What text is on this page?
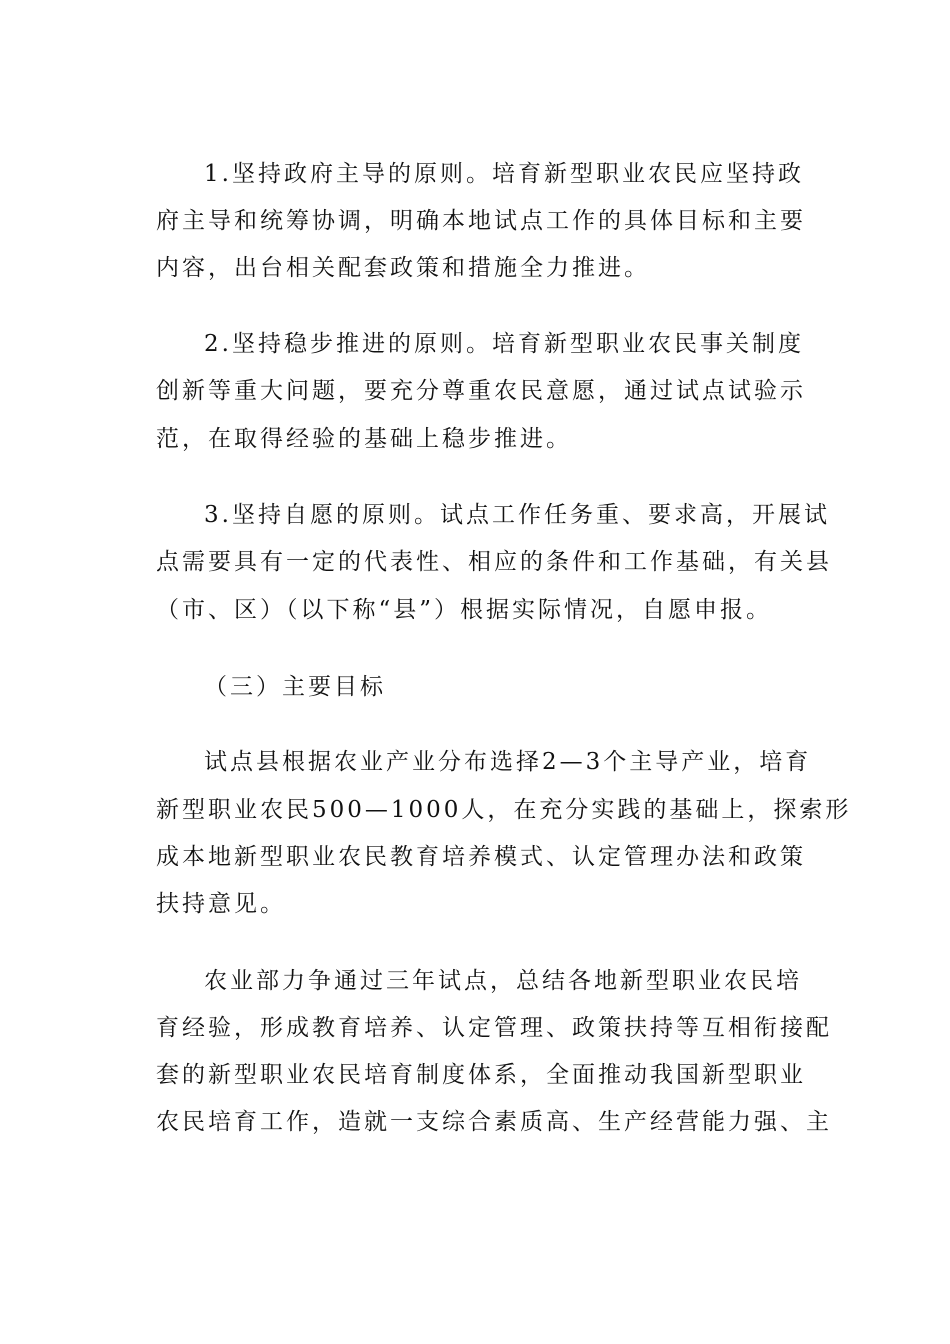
1.坚持政府主导的原则。培育新型职业农民应坚持政
府主导和统筹协调，明确本地试点工作的具体目标和主要
内容，出台相关配套政策和措施全力推进。
2.坚持稳步推进的原则。培育新型职业农民事关制度
创新等重大问题，要充分尊重农民意愿，通过试点试验示
范，在取得经验的基础上稳步推进。
3.坚持自愿的原则。试点工作任务重、要求高，开展试
点需要具有一定的代表性、相应的条件和工作基础，有关县
（市、区）（以下称“县”）根据实际情况，自愿申报。
（三）主要目标
试点县根据农业产业分布选择2—3个主导产业，培育
新型职业农民500—1000人，在充分实践的基础上，探索形
成本地新型职业农民教育培养模式、认定管理办法和政策
扶持意见。
农业部力争通过三年试点，总结各地新型职业农民培
育经验，形成教育培养、认定管理、政策扶持等互相衔接配
套的新型职业农民培育制度体系，全面推动我国新型职业
农民培育工作，造就一支综合素质高、生产经营能力强、主
